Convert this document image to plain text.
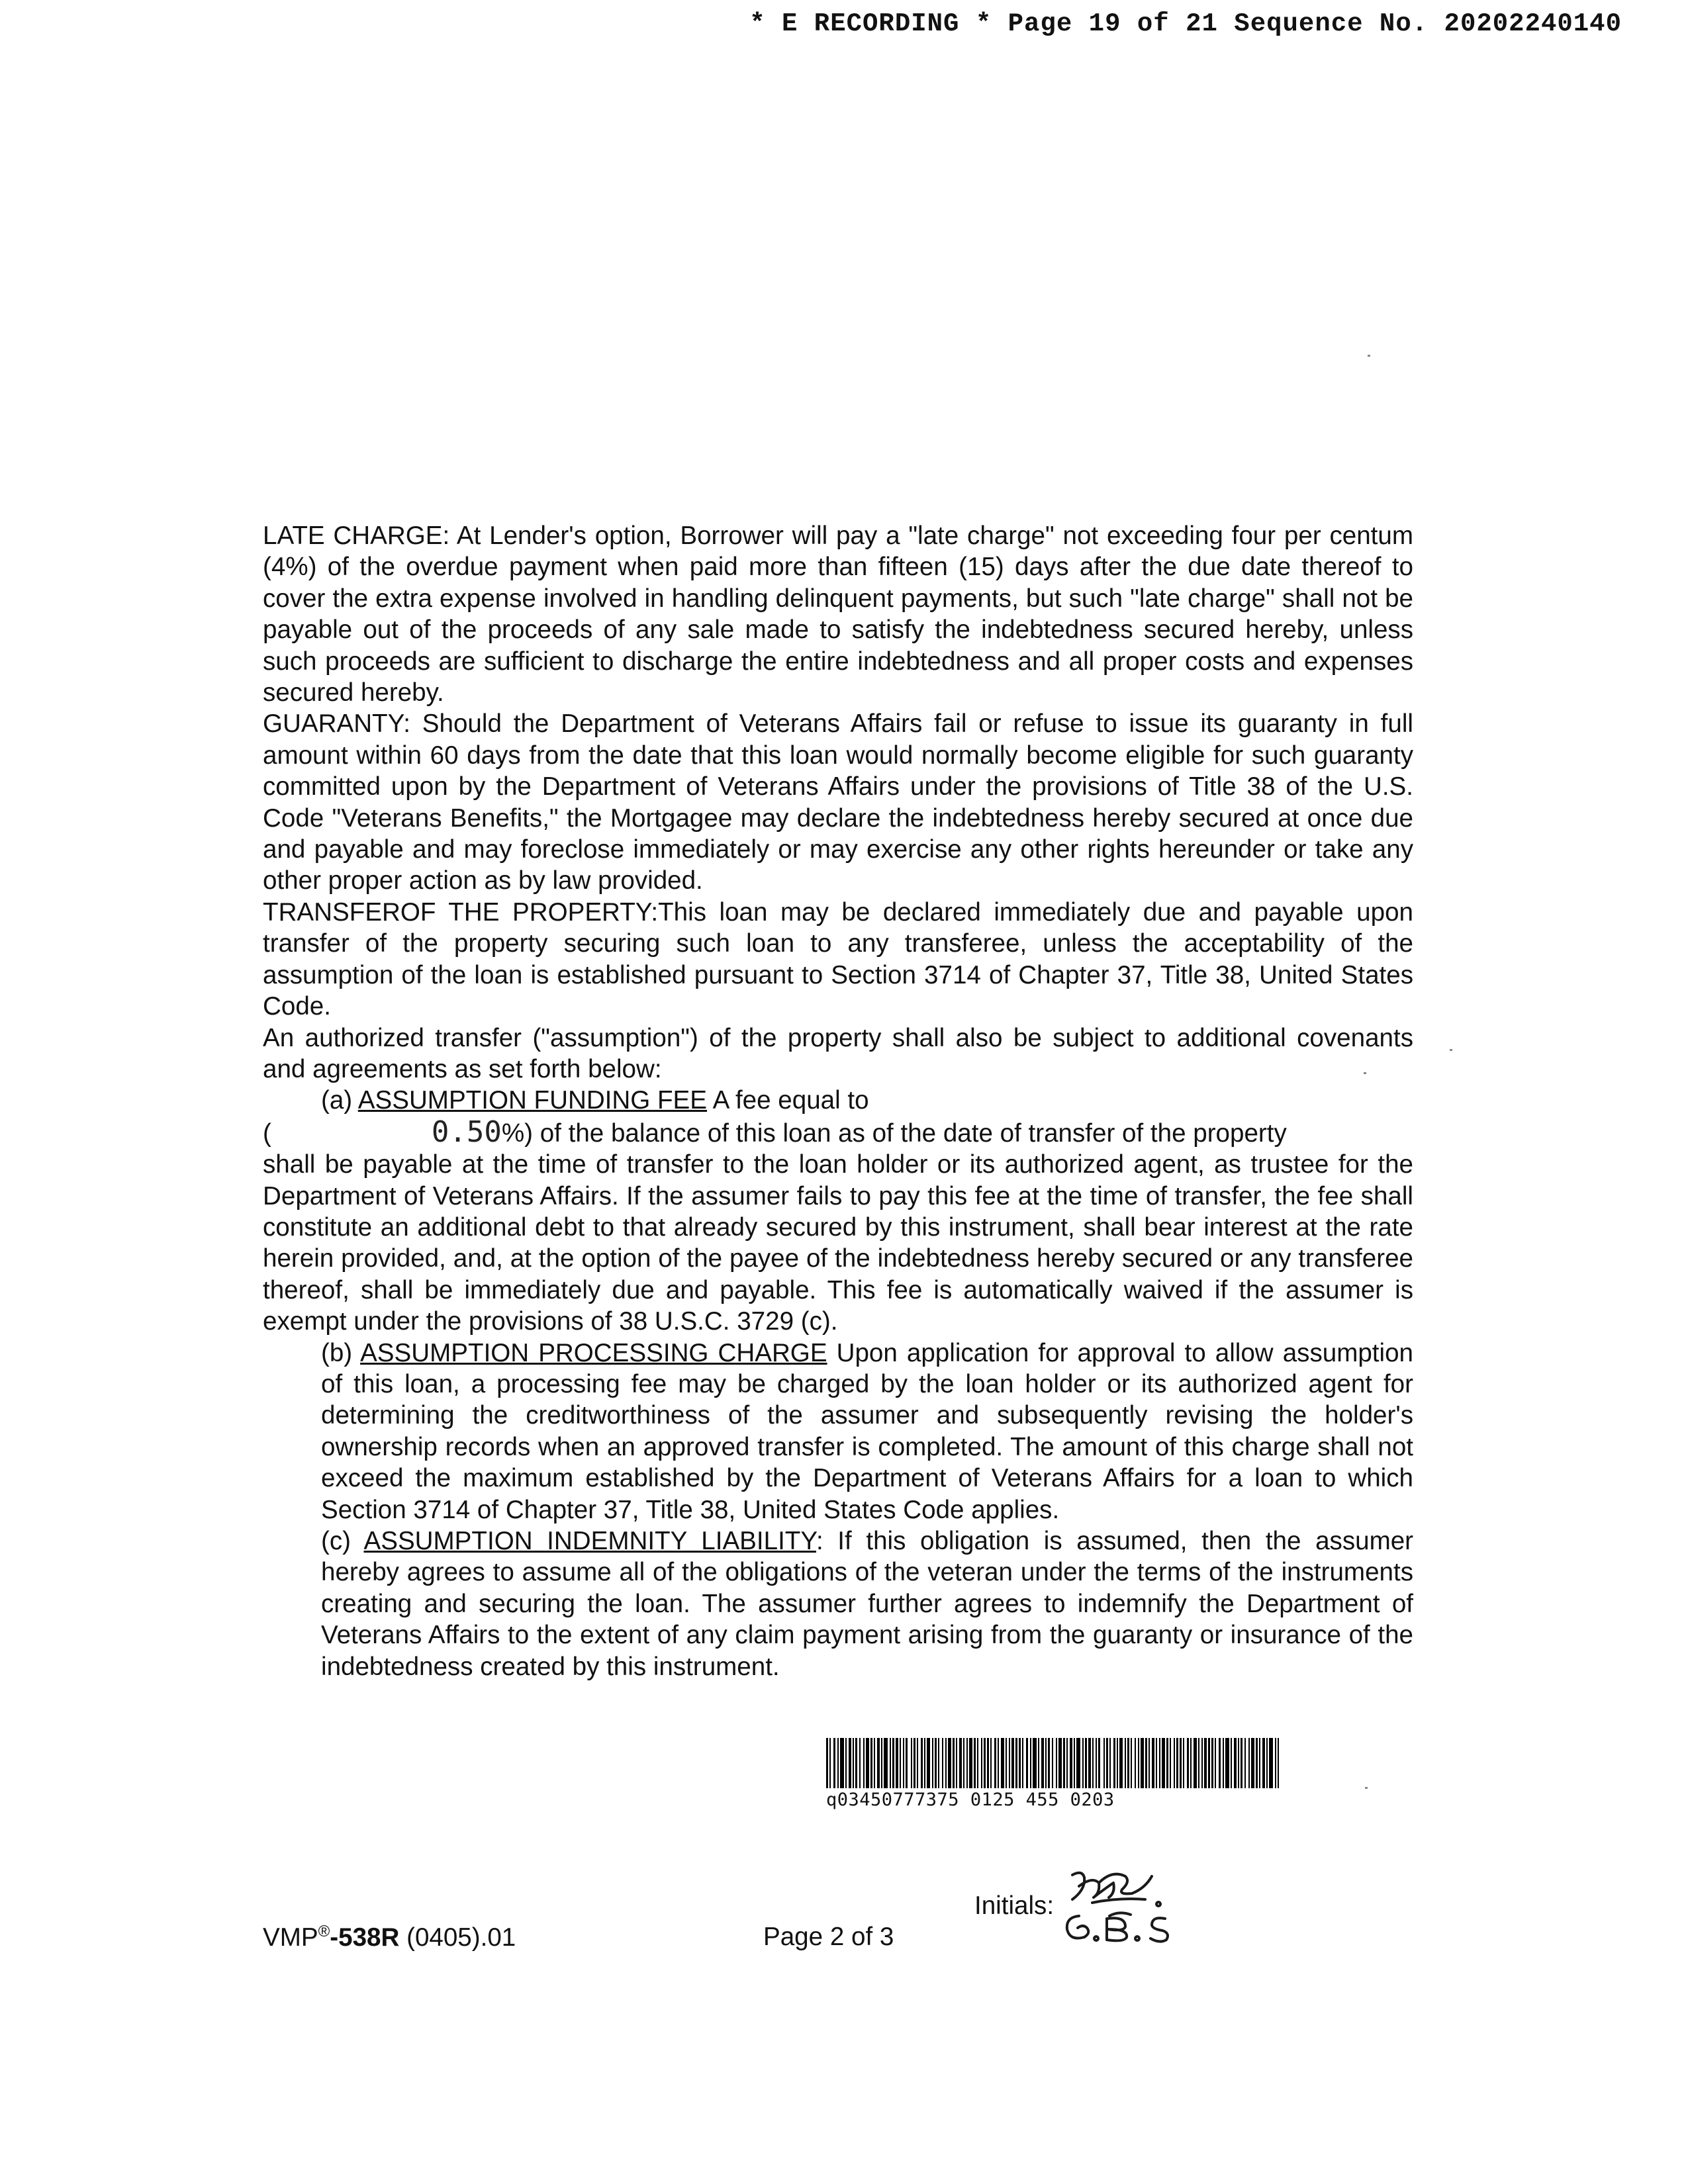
* E RECORDING * Page 19 of 21 Sequence No. 20202240140

LATE CHARGE: At Lender's option, Borrower will pay a "late charge" not exceeding four per centum (4%) of the overdue payment when paid more than fifteen (15) days after the due date thereof to cover the extra expense involved in handling delinquent payments, but such "late charge" shall not be payable out of the proceeds of any sale made to satisfy the indebtedness secured hereby, unless such proceeds are sufficient to discharge the entire indebtedness and all proper costs and expenses secured hereby.

GUARANTY: Should the Department of Veterans Affairs fail or refuse to issue its guaranty in full amount within 60 days from the date that this loan would normally become eligible for such guaranty committed upon by the Department of Veterans Affairs under the provisions of Title 38 of the U.S. Code "Veterans Benefits," the Mortgagee may declare the indebtedness hereby secured at once due and payable and may foreclose immediately or may exercise any other rights hereunder or take any other proper action as by law provided.

TRANSFEROF THE PROPERTY:This loan may be declared immediately due and payable upon transfer of the property securing such loan to any transferee, unless the acceptability of the assumption of the loan is established pursuant to Section 3714 of Chapter 37, Title 38, United States Code.

An authorized transfer ("assumption") of the property shall also be subject to additional covenants and agreements as set forth below:

(a) ASSUMPTION FUNDING FEE A fee equal to

(	0.50%) of the balance of this loan as of the date of transfer of the property

shall be payable at the time of transfer to the loan holder or its authorized agent, as trustee for the Department of Veterans Affairs. If the assumer fails to pay this fee at the time of transfer, the fee shall constitute an additional debt to that already secured by this instrument, shall bear interest at the rate herein provided, and, at the option of the payee of the indebtedness hereby secured or any transferee thereof, shall be immediately due and payable. This fee is automatically waived if the assumer is exempt under the provisions of 38 U.S.C. 3729 (c).

(b) ASSUMPTION PROCESSING CHARGE Upon application for approval to allow assumption of this loan, a processing fee may be charged by the loan holder or its authorized agent for determining the creditworthiness of the assumer and subsequently revising the holder's ownership records when an approved transfer is completed. The amount of this charge shall not exceed the maximum established by the Department of Veterans Affairs for a loan to which Section 3714 of Chapter 37, Title 38, United States Code applies.

(c) ASSUMPTION INDEMNITY LIABILITY: If this obligation is assumed, then the assumer hereby agrees to assume all of the obligations of the veteran under the terms of the instruments creating and securing the loan. The assumer further agrees to indemnify the Department of Veterans Affairs to the extent of any claim payment arising from the guaranty or insurance of the indebtedness created by this instrument.

q03450777375 0125 455 0203
VMP®-538R (0405).01	Page 2 of 3
Initials:
